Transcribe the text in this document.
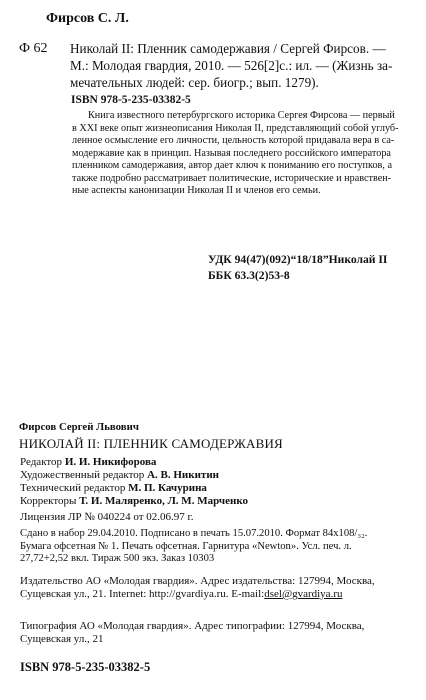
Фирсов С. Л.
Ф 62 Николай II: Пленник самодержавия / Сергей Фирсов. —
М.: Молодая гвардия, 2010. — 526[2]с.: ил. — (Жизнь за-
мечательных людей: сер. биогр.; вып. 1279).
ISBN 978-5-235-03382-5
Книга известного петербургского историка Сергея Фирсова — первый
в XXI веке опыт жизнеописания Николая II, представляющий собой углуб-
ленное осмысление его личности, цельность которой придавала вера в са-
модержавие как в принцип. Называя последнего российского императора
пленником самодержавия, автор дает ключ к пониманию его поступков, а
также подробно рассматривает политические, исторические и нравствен-
ные аспекты канонизации Николая II и членов его семьи.
УДК 94(47)(092)“18/18”Николай II
ББК 63.3(2)53-8
Фирсов Сергей Львович
НИКОЛАЙ II: ПЛЕННИК САМОДЕРЖАВИЯ
Редактор И. И. Никифорова
Художественный редактор А. В. Никитин
Технический редактор М. П. Качурина
Корректоры Т. И. Маляренко, Л. М. Марченко
Лицензия ЛР № 040224 от 02.06.97 г.
Сдано в набор 29.04.2010. Подписано в печать 15.07.2010. Формат 84х108/₃₂.
Бумага офсетная № 1. Печать офсетная. Гарнитура «Newton». Усл. печ. л.
27,72+2,52 вкл. Тираж 500 экз. Заказ 10303
Издательство АО «Молодая гвардия». Адрес издательства: 127994, Москва,
Сущевская ул., 21. Internet: http://gvardiya.ru. E-mail:dsel@gvardiya.ru
Типография АО «Молодая гвардия». Адрес типографии: 127994, Москва,
Сущевская ул., 21
ISBN 978-5-235-03382-5
